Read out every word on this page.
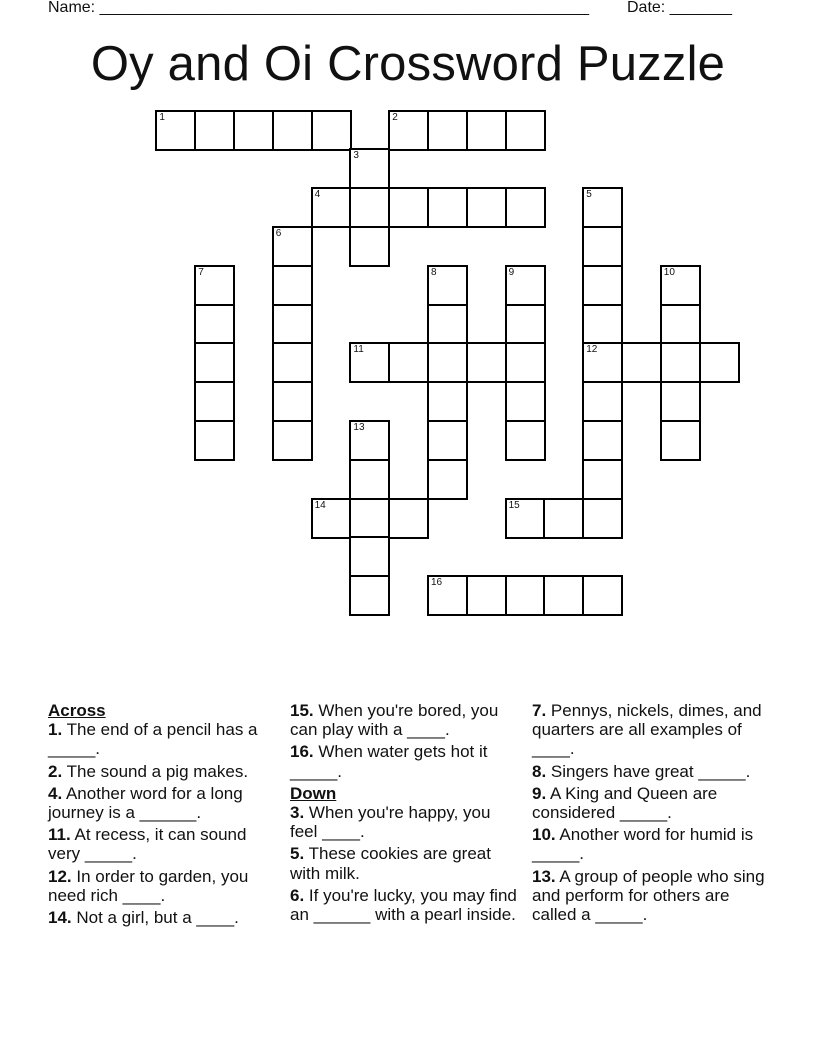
Name: _______________________________________________________ Date: _______
Oy and Oi Crossword Puzzle
1	2
3
4	5
6
7	8	9	10
11	12
13
14	15
16
Across
1. The end of a pencil has a _____.
2. The sound a pig makes.
4. Another word for a long journey is a ______.
11. At recess, it can sound very _____.
12. In order to garden, you need rich ____.
14. Not a girl, but a ____.
15. When you're bored, you can play with a ____.
16. When water gets hot it _____.
Down
3. When you're happy, you feel ____.
5. These cookies are great with milk.
6. If you're lucky, you may find an ______ with a pearl inside.
7. Pennys, nickels, dimes, and quarters are all examples of ____.
8. Singers have great _____.
9. A King and Queen are considered _____.
10. Another word for humid is _____.
13. A group of people who sing and perform for others are called a _____.
